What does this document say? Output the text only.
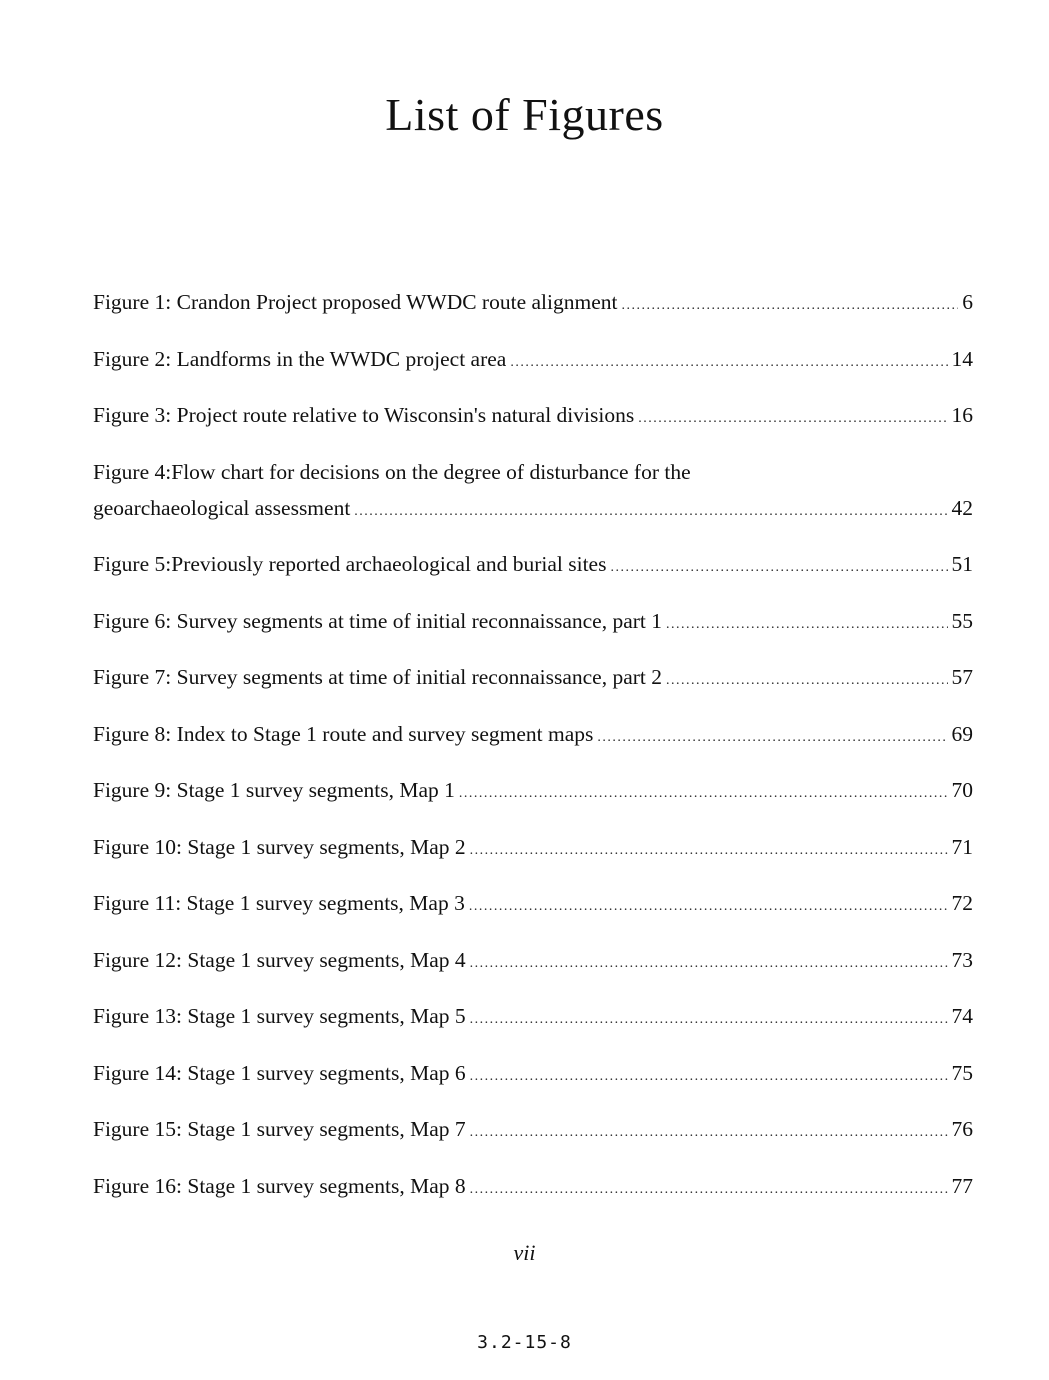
List of Figures
Figure 1: Crandon Project proposed WWDC route alignment .....	6
Figure 2: Landforms in the WWDC project area .....	14
Figure 3: Project route relative to Wisconsin's natural divisions .....	16
Figure 4:Flow chart for decisions on the degree of disturbance for the
geoarchaeological assessment .....	42
Figure 5:Previously reported archaeological and burial sites .....	51
Figure 6: Survey segments at time of initial reconnaissance, part 1 .....	55
Figure 7: Survey segments at time of initial reconnaissance, part 2 .....	57
Figure 8: Index to Stage 1 route and survey segment maps .....	69
Figure 9: Stage 1 survey segments, Map 1 .....	70
Figure 10: Stage 1 survey segments, Map 2 .....	71
Figure 11: Stage 1 survey segments, Map 3 .....	72
Figure 12: Stage 1 survey segments, Map 4 .....	73
Figure 13: Stage 1 survey segments, Map 5 .....	74
Figure 14: Stage 1 survey segments, Map 6 .....	75
Figure 15: Stage 1 survey segments, Map 7 .....	76
Figure 16: Stage 1 survey segments, Map 8 .....	77
vii
3.2-15-8
